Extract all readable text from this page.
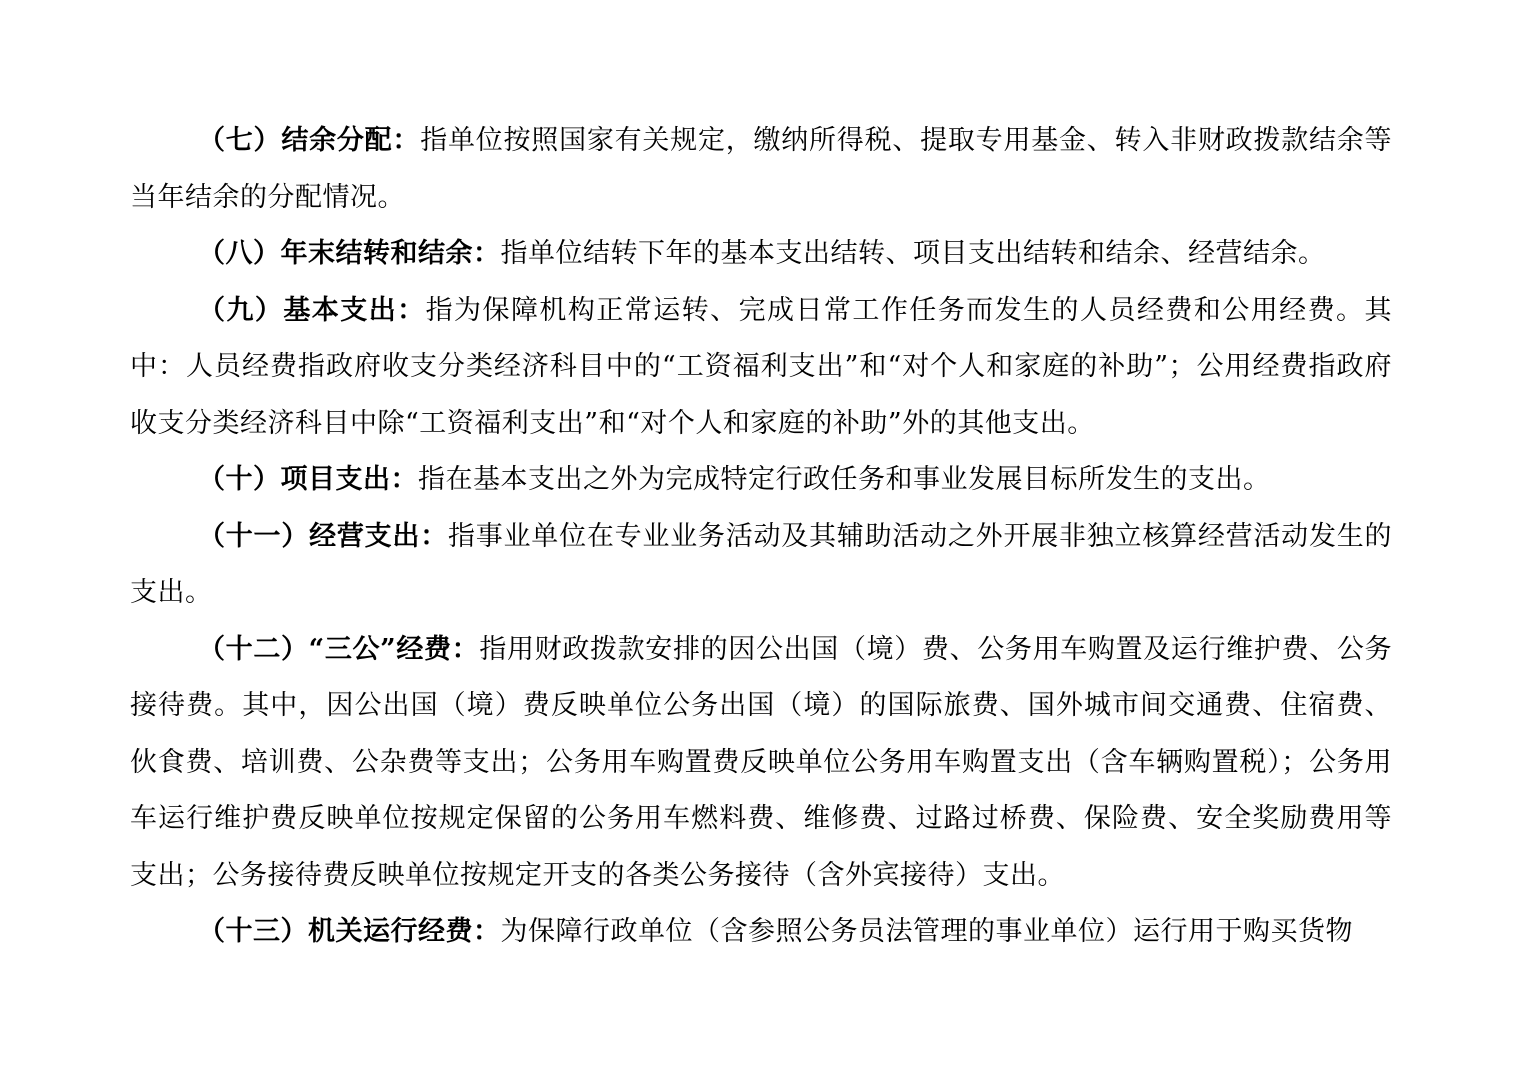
（七）结余分配：指单位按照国家有关规定，缴纳所得税、提取专用基金、转入非财政拨款结余等当年结余的分配情况。

（八）年末结转和结余：指单位结转下年的基本支出结转、项目支出结转和结余、经营结余。

（九）基本支出：指为保障机构正常运转、完成日常工作任务而发生的人员经费和公用经费。其中：人员经费指政府收支分类经济科目中的“工资福利支出”和“对个人和家庭的补助”；公用经费指政府收支分类经济科目中除“工资福利支出”和“对个人和家庭的补助”外的其他支出。

（十）项目支出：指在基本支出之外为完成特定行政任务和事业发展目标所发生的支出。

（十一）经营支出：指事业单位在专业业务活动及其辅助活动之外开展非独立核算经营活动发生的支出。

（十二）“三公”经费：指用财政拨款安排的因公出国（境）费、公务用车购置及运行维护费、公务接待费。其中，因公出国（境）费反映单位公务出国（境）的国际旅费、国外城市间交通费、住宿费、伙食费、培训费、公杂费等支出；公务用车购置费反映单位公务用车购置支出（含车辆购置税）；公务用车运行维护费反映单位按规定保留的公务用车燃料费、维修费、过路过桥费、保险费、安全奖励费用等支出；公务接待费反映单位按规定开支的各类公务接待（含外宾接待）支出。

（十三）机关运行经费：为保障行政单位（含参照公务员法管理的事业单位）运行用于购买货物
